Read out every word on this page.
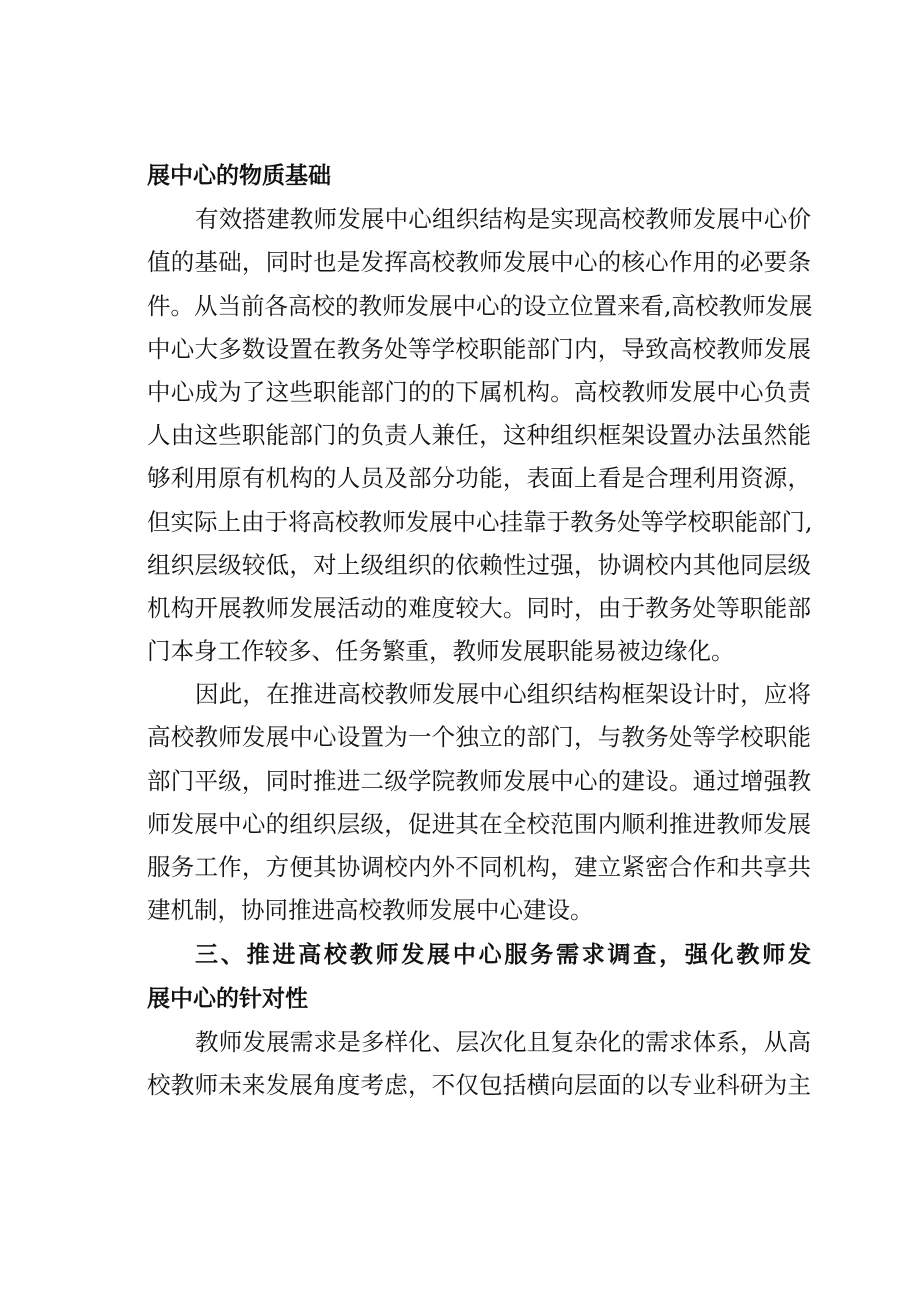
展中心的物质基础
有效搭建教师发展中心组织结构是实现高校教师发展中心价
值的基础，同时也是发挥高校教师发展中心的核心作用的必要条
件。从当前各高校的教师发展中心的设立位置来看,高校教师发展
中心大多数设置在教务处等学校职能部门内，导致高校教师发展
中心成为了这些职能部门的的下属机构。高校教师发展中心负责
人由这些职能部门的负责人兼任，这种组织框架设置办法虽然能
够利用原有机构的人员及部分功能，表面上看是合理利用资源，
但实际上由于将高校教师发展中心挂靠于教务处等学校职能部门,
组织层级较低，对上级组织的依赖性过强，协调校内其他同层级
机构开展教师发展活动的难度较大。同时，由于教务处等职能部
门本身工作较多、任务繁重，教师发展职能易被边缘化。
因此，在推进高校教师发展中心组织结构框架设计时，应将
高校教师发展中心设置为一个独立的部门，与教务处等学校职能
部门平级，同时推进二级学院教师发展中心的建设。通过增强教
师发展中心的组织层级，促进其在全校范围内顺利推进教师发展
服务工作，方便其协调校内外不同机构，建立紧密合作和共享共
建机制，协同推进高校教师发展中心建设。
三、推进高校教师发展中心服务需求调查，强化教师发
展中心的针对性
教师发展需求是多样化、层次化且复杂化的需求体系，从高
校教师未来发展角度考虑，不仅包括横向层面的以专业科研为主
